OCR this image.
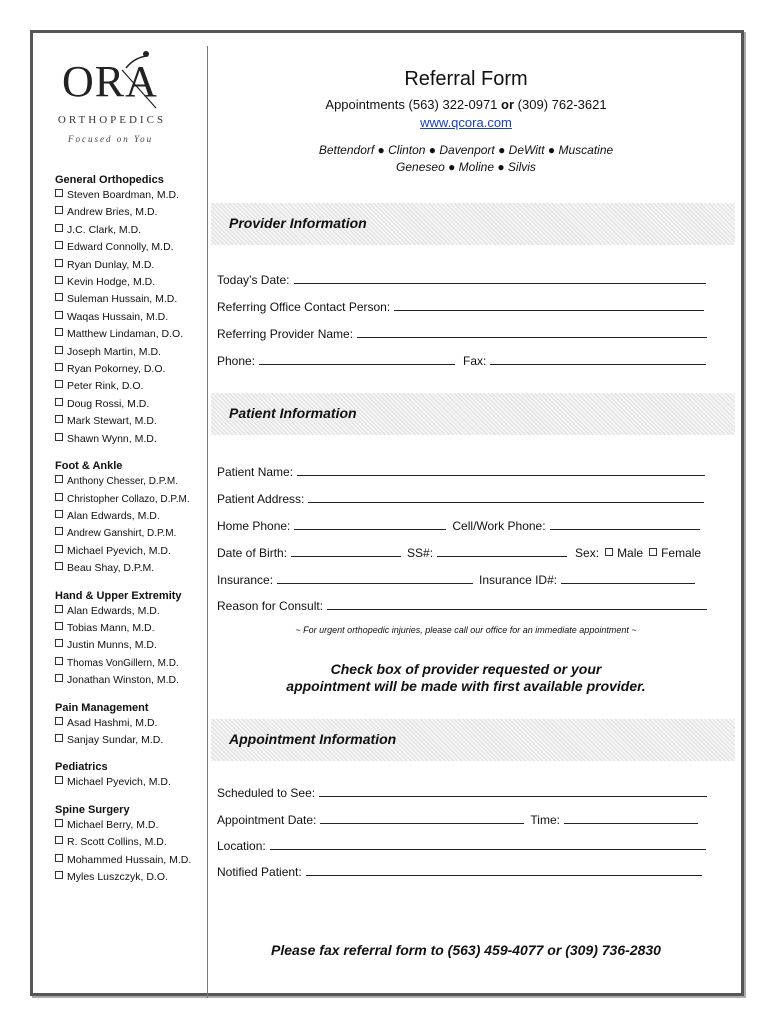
ORA
ORTHOPEDICS
Focused on You
General Orthopedics
Steven Boardman, M.D.
Andrew Bries, M.D.
J.C. Clark, M.D.
Edward Connolly, M.D.
Ryan Dunlay, M.D.
Kevin Hodge, M.D.
Suleman Hussain, M.D.
Waqas Hussain, M.D.
Matthew Lindaman, D.O.
Joseph Martin, M.D.
Ryan Pokorney, D.O.
Peter Rink, D.O.
Doug Rossi, M.D.
Mark Stewart, M.D.
Shawn Wynn, M.D.
Foot & Ankle
Anthony Chesser, D.P.M.
Christopher Collazo, D.P.M.
Alan Edwards, M.D.
Andrew Ganshirt, D.P.M.
Michael Pyevich, M.D.
Beau Shay, D.P.M.
Hand & Upper Extremity
Alan Edwards, M.D.
Tobias Mann, M.D.
Justin Munns, M.D.
Thomas VonGillern, M.D.
Jonathan Winston, M.D.
Pain Management
Asad Hashmi, M.D.
Sanjay Sundar, M.D.
Pediatrics
Michael Pyevich, M.D.
Spine Surgery
Michael Berry, M.D.
R. Scott Collins, M.D.
Mohammed Hussain, M.D.
Myles Luszczyk, D.O.
Referral Form
Appointments (563) 322-0971 or (309) 762-3621
www.qcora.com
Bettendorf ● Clinton ● Davenport ● DeWitt ● Muscatine
Geneseo ● Moline ● Silvis
Provider Information
Today’s Date:
Referring Office Contact Person:
Referring Provider Name:
Phone:	Fax:
Patient Information
Patient Name:
Patient Address:
Home Phone:	Cell/Work Phone:
Date of Birth:	SS#:	Sex: Male Female
Insurance:	Insurance ID#:
Reason for Consult:
~ For urgent orthopedic injuries, please call our office for an immediate appointment ~
Check box of provider requested or your
appointment will be made with first available provider.
Appointment Information
Scheduled to See:
Appointment Date:	Time:
Location:
Notified Patient:
Please fax referral form to (563) 459-4077 or (309) 736-2830
